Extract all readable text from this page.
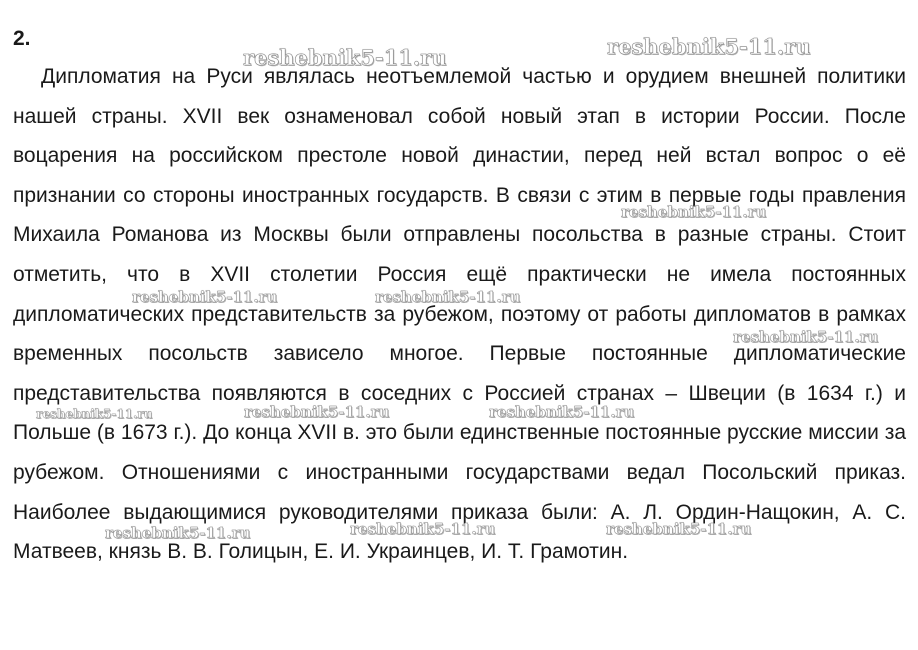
2.

Дипломатия на Руси являлась неотъемлемой частью и орудием внешней политики нашей страны. XVII век ознаменовал собой новый этап в истории России. После воцарения на российском престоле новой династии, перед ней встал вопрос о её признании со стороны иностранных государств. В связи с этим в первые годы правления Михаила Романова из Москвы были отправлены посольства в разные страны. Стоит отметить, что в XVII столетии Россия ещё практически не имела постоянных дипломатических представительств за рубежом, поэтому от работы дипломатов в рамках временных посольств зависело многое. Первые постоянные дипломатические представительства появляются в соседних с Россией странах – Швеции (в 1634 г.) и Польше (в 1673 г.). До конца XVII в. это были единственные постоянные русские миссии за рубежом. Отношениями с иностранными государствами ведал Посольский приказ. Наиболее выдающимися руководителями приказа были: А. Л. Ордин-Нащокин, А. С. Матвеев, князь В. В. Голицын, Е. И. Украинцев, И. Т. Грамотин.

reshebnik5-11.ru	reshebnik5-11.ru
reshebnik5-11.ru
reshebnik5-11.ru	reshebnik5-11.ru
reshebnik5-11.ru
reshebnik5-11.ru	reshebnik5-11.ru	reshebnik5-11.ru
reshebnik5-11.ru	reshebnik5-11.ru	reshebnik5-11.ru
